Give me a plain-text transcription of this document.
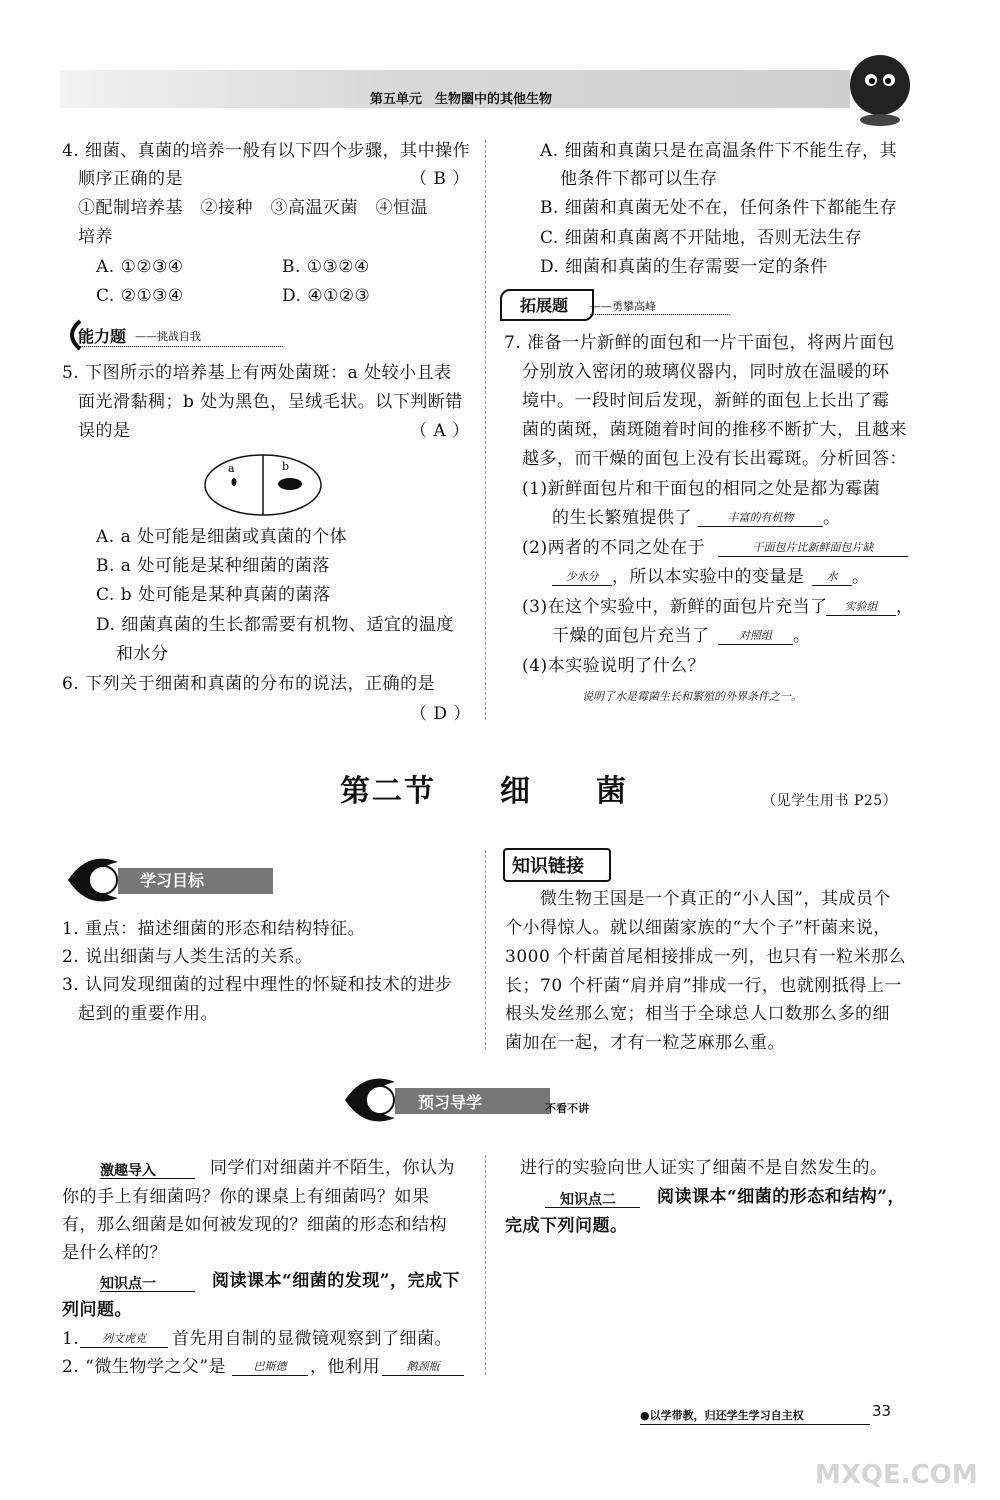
第五单元　生物圈中的其他生物
4. 细菌、真菌的培养一般有以下四个步骤，其中操作
顺序正确的是	（ B ）
①配制培养基　②接种　③高温灭菌　④恒温
培养
A. ①②③④	B. ①③②④
C. ②①③④	D. ④①②③
能力题 ——挑战自我
5. 下图所示的培养基上有两处菌斑：a 处较小且表
面光滑黏稠；b 处为黑色，呈绒毛状。以下判断错
误的是	（ A ）
a	b
A. a 处可能是细菌或真菌的个体
B. a 处可能是某种细菌的菌落
C. b 处可能是某种真菌的菌落
D. 细菌真菌的生长都需要有机物、适宜的温度
和水分
6. 下列关于细菌和真菌的分布的说法，正确的是
（ D ）
A. 细菌和真菌只是在高温条件下不能生存，其
他条件下都可以生存
B. 细菌和真菌无处不在，任何条件下都能生存
C. 细菌和真菌离不开陆地，否则无法生存
D. 细菌和真菌的生存需要一定的条件
拓展题 ——勇攀高峰
7. 准备一片新鲜的面包和一片干面包，将两片面包
分别放入密闭的玻璃仪器内，同时放在温暖的环
境中。一段时间后发现，新鲜的面包上长出了霉
菌的菌斑，菌斑随着时间的推移不断扩大，且越来
越多，而干燥的面包上没有长出霉斑。分析回答：
(1)新鲜面包片和干面包的相同之处是都为霉菌
的生长繁殖提供了	丰富的有机物	。
(2)两者的不同之处在于	干面包片比新鲜面包片缺
少水分 ，所以本实验中的变量是	水 。
(3)在这个实验中，新鲜的面包片充当了	实验组	，
干燥的面包片充当了	对照组	。
(4)本实验说明了什么？
说明了水是霉菌生长和繁殖的外界条件之一。
第二节　　细　　菌	（见学生用书 P25）
学习目标
1. 重点：描述细菌的形态和结构特征。
2. 说出细菌与人类生活的关系。
3. 认同发现细菌的过程中理性的怀疑和技术的进步
起到的重要作用。
知识链接
微生物王国是一个真正的“小人国”，其成员个
个小得惊人。就以细菌家族的“大个子”杆菌来说，
3000 个杆菌首尾相接排成一列，也只有一粒米那么
长；70 个杆菌“肩并肩”排成一行，也就刚抵得上一
根头发丝那么宽；相当于全球总人口数那么多的细
菌加在一起，才有一粒芝麻那么重。
预习导学	不看不讲
激趣导入	同学们对细菌并不陌生，你认为
你的手上有细菌吗？你的课桌上有细菌吗？如果
有，那么细菌是如何被发现的？细菌的形态和结构
是什么样的？
知识点一	阅读课本“细菌的发现”，完成下
列问题。
1.	列文虎克	首先用自制的显微镜观察到了细菌。
2. “微生物学之父”是	巴斯德	，他利用	鹅颈瓶
进行的实验向世人证实了细菌不是自然发生的。
知识点二 阅读课本“细菌的形态和结构”，
完成下列问题。
●以学带教，归还学生学习自主权	33
MXQE.COM
